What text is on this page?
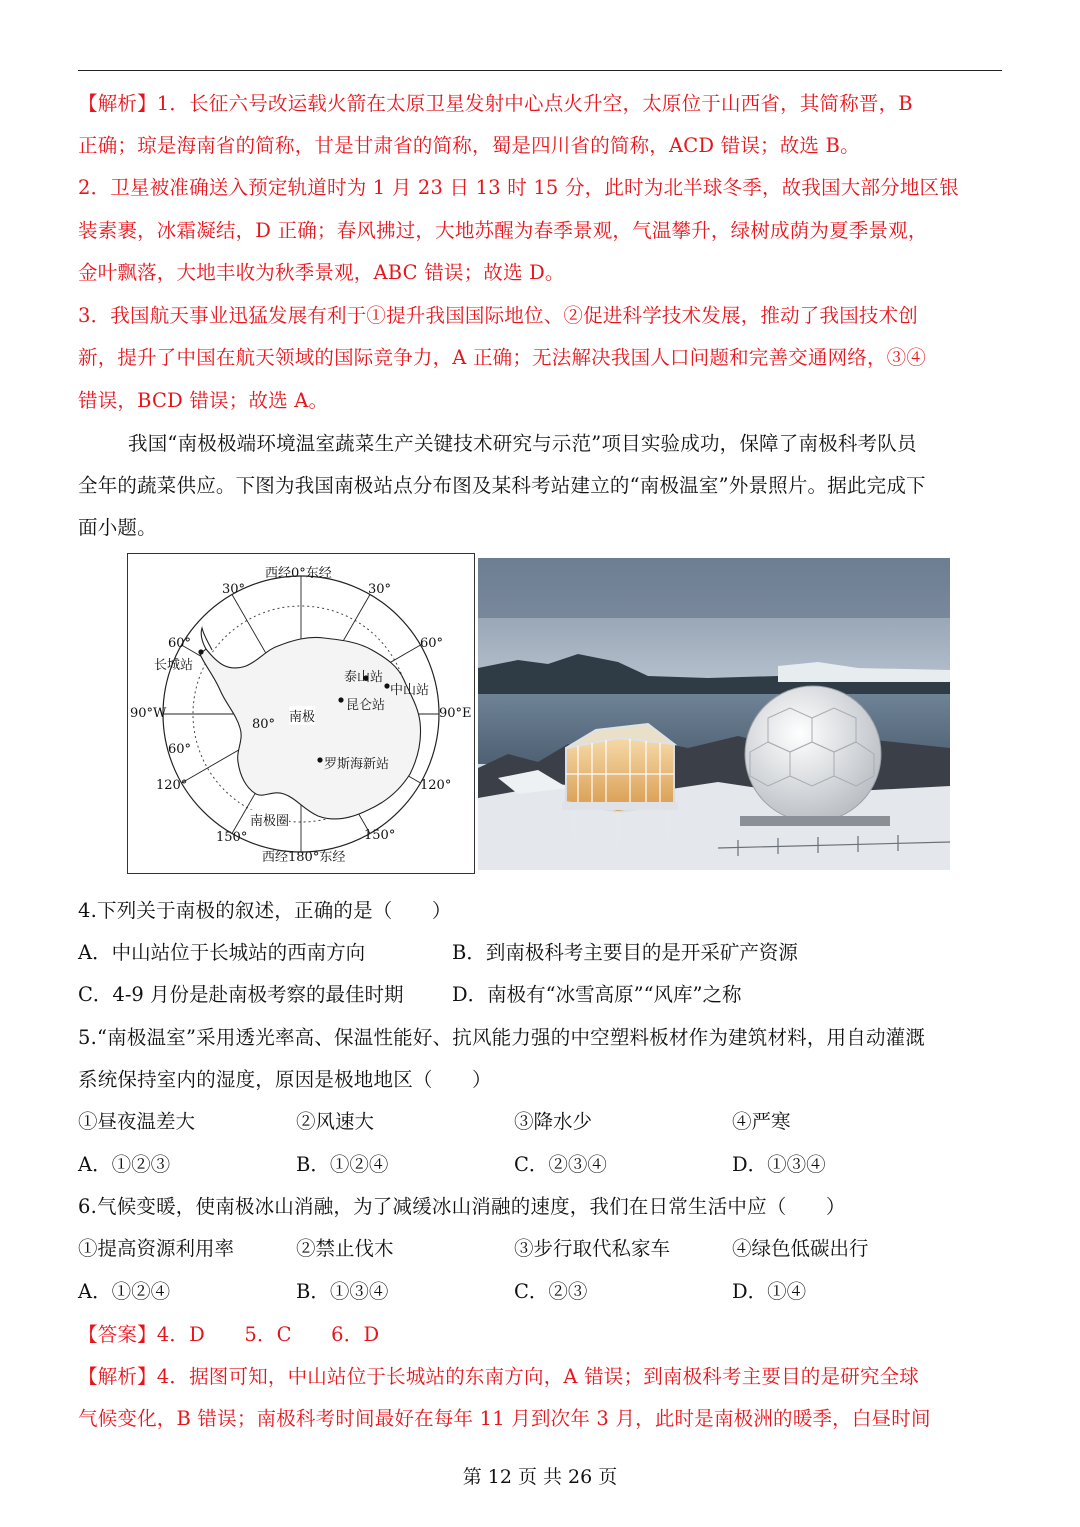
【解析】1．长征六号改运载火箭在太原卫星发射中心点火升空，太原位于山西省，其简称晋，B
正确；琼是海南省的简称，甘是甘肃省的简称，蜀是四川省的简称，ACD 错误；故选 B。
2．卫星被准确送入预定轨道时为 1 月 23 日 13 时 15 分，此时为北半球冬季，故我国大部分地区银
装素裹，冰霜凝结，D 正确；春风拂过，大地苏醒为春季景观，气温攀升，绿树成荫为夏季景观，
金叶飘落，大地丰收为秋季景观，ABC 错误；故选 D。
3．我国航天事业迅猛发展有利于①提升我国国际地位、②促进科学技术发展，推动了我国技术创
新，提升了中国在航天领域的国际竞争力，A 正确；无法解决我国人口问题和完善交通网络，③④
错误，BCD 错误；故选 A。
我国“南极极端环境温室蔬菜生产关键技术研究与示范”项目实验成功，保障了南极科考队员
全年的蔬菜供应。下图为我国南极站点分布图及某科考站建立的“南极温室”外景照片。据此完成下
面小题。
西经0°东经
西经180°东经
90°W	90°E
南极
80°
30°	30°
60°	60°
60°
120°	120°
150°	150°
南极圈
长城站
泰山站
中山站
昆仑站
罗斯海新站
4.下列关于南极的叙述，正确的是（　　）
A．中山站位于长城站的西南方向	B．到南极科考主要目的是开采矿产资源
C．4-9 月份是赴南极考察的最佳时期 D．南极有“冰雪高原”“风库”之称
5.“南极温室”采用透光率高、保温性能好、抗风能力强的中空塑料板材作为建筑材料，用自动灌溉
系统保持室内的湿度，原因是极地地区（　　）
①昼夜温差大	②风速大	③降水少	④严寒
A．①②③	B．①②④	C．②③④	D．①③④
6.气候变暖，使南极冰山消融，为了减缓冰山消融的速度，我们在日常生活中应（　　）
①提高资源利用率	②禁止伐木	③步行取代私家车	④绿色低碳出行
A．①②④	B．①③④	C．②③	D．①④
【答案】4．D　　5．C　　6．D
【解析】4．据图可知，中山站位于长城站的东南方向，A 错误；到南极科考主要目的是研究全球
气候变化，B 错误；南极科考时间最好在每年 11 月到次年 3 月，此时是南极洲的暖季，白昼时间
第 12 页 共 26 页
